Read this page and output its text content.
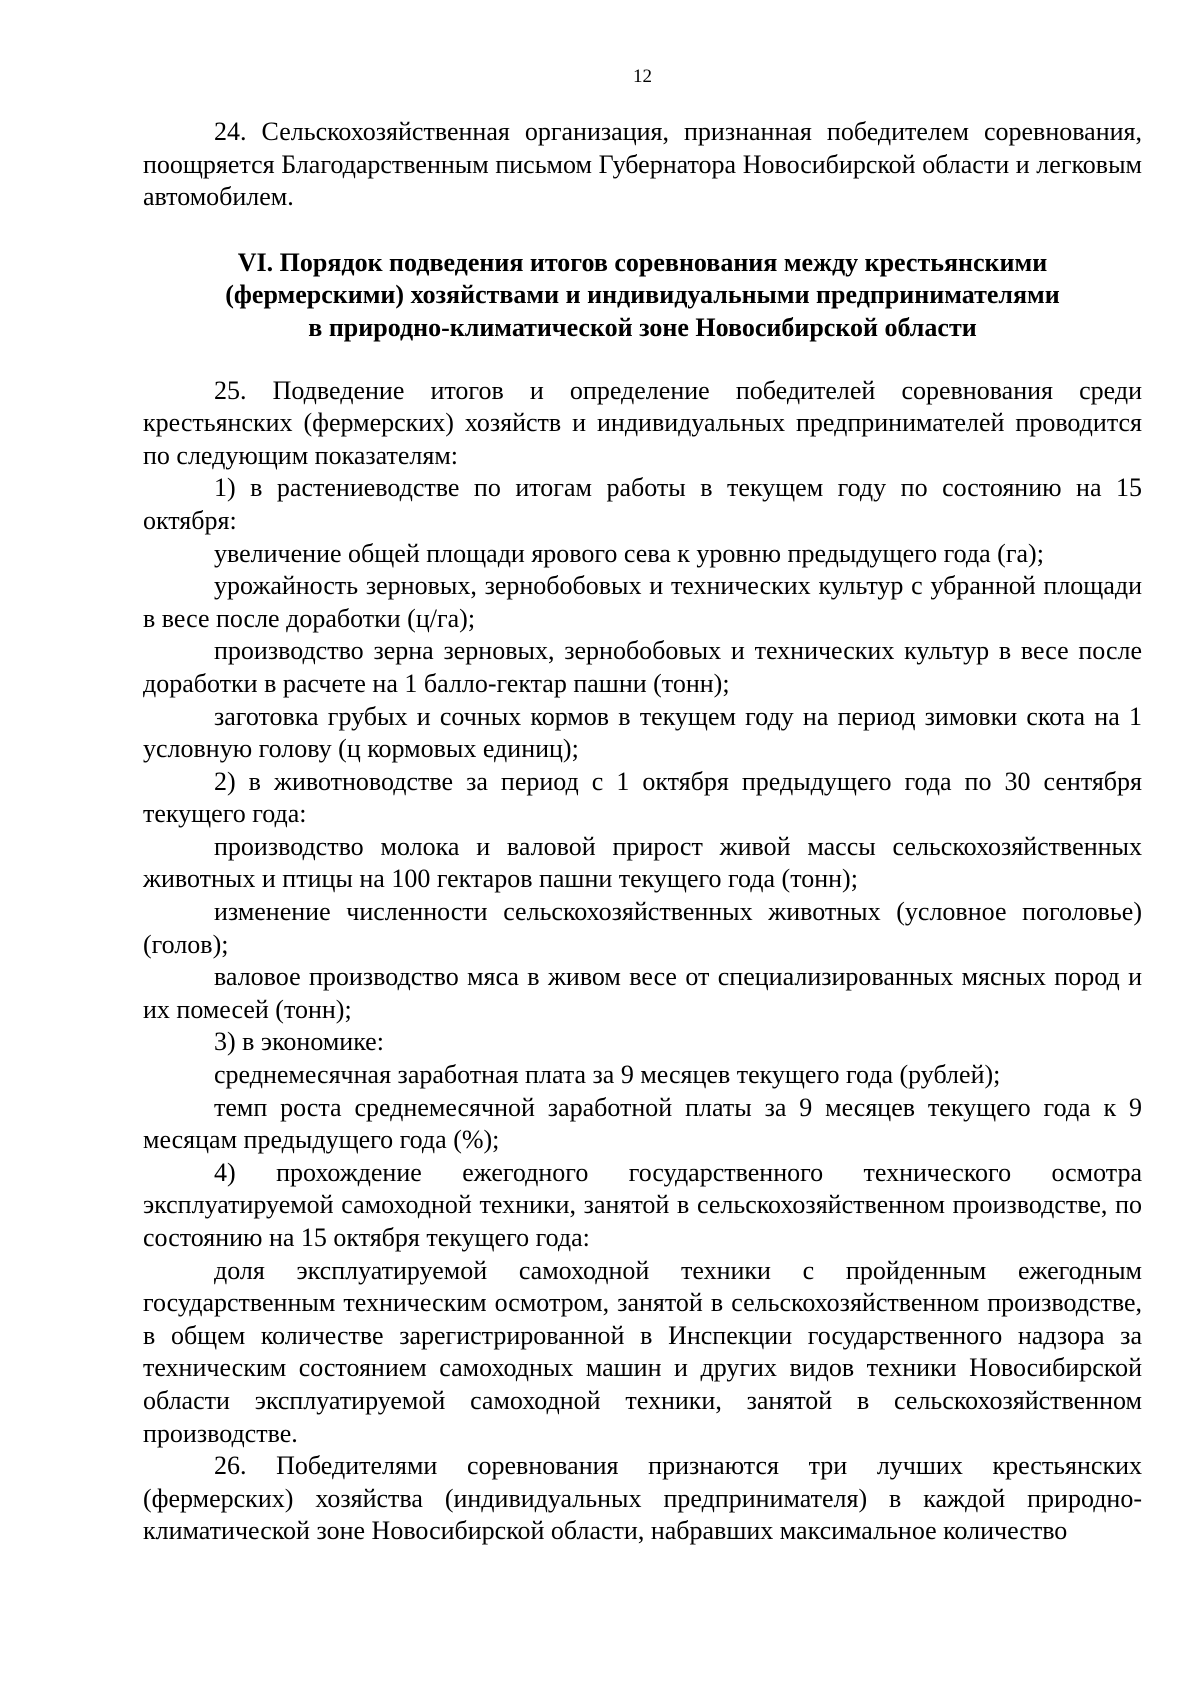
12

24. Сельскохозяйственная организация, признанная победителем соревнования, поощряется Благодарственным письмом Губернатора Новосибирской области и легковым автомобилем.

VI. Порядок подведения итогов соревнования между крестьянскими
(фермерскими) хозяйствами и индивидуальными предпринимателями
в природно-климатической зоне Новосибирской области

25. Подведение итогов и определение победителей соревнования среди крестьянских (фермерских) хозяйств и индивидуальных предпринимателей проводится по следующим показателям:

1) в растениеводстве по итогам работы в текущем году по состоянию на 15 октября:

увеличение общей площади ярового сева к уровню предыдущего года (га);

урожайность зерновых, зернобобовых и технических культур с убранной площади в весе после доработки (ц/га);

производство зерна зерновых, зернобобовых и технических культур в весе после доработки в расчете на 1 балло-гектар пашни (тонн);

заготовка грубых и сочных кормов в текущем году на период зимовки скота на 1 условную голову (ц кормовых единиц);

2) в животноводстве за период с 1 октября предыдущего года по 30 сентября текущего года:

производство молока и валовой прирост живой массы сельскохозяйственных животных и птицы на 100 гектаров пашни текущего года (тонн);

изменение численности сельскохозяйственных животных (условное поголовье) (голов);

валовое производство мяса в живом весе от специализированных мясных пород и их помесей (тонн);

3) в экономике:

среднемесячная заработная плата за 9 месяцев текущего года (рублей);

темп роста среднемесячной заработной платы за 9 месяцев текущего года к 9 месяцам предыдущего года (%);

4) прохождение ежегодного государственного технического осмотра эксплуатируемой самоходной техники, занятой в сельскохозяйственном производстве, по состоянию на 15 октября текущего года:

доля эксплуатируемой самоходной техники с пройденным ежегодным государственным техническим осмотром, занятой в сельскохозяйственном производстве, в общем количестве зарегистрированной в Инспекции государственного надзора за техническим состоянием самоходных машин и других видов техники Новосибирской области эксплуатируемой самоходной техники, занятой в сельскохозяйственном производстве.

26. Победителями соревнования признаются три лучших крестьянских (фермерских) хозяйства (индивидуальных предпринимателя) в каждой природно-климатической зоне Новосибирской области, набравших максимальное количество
